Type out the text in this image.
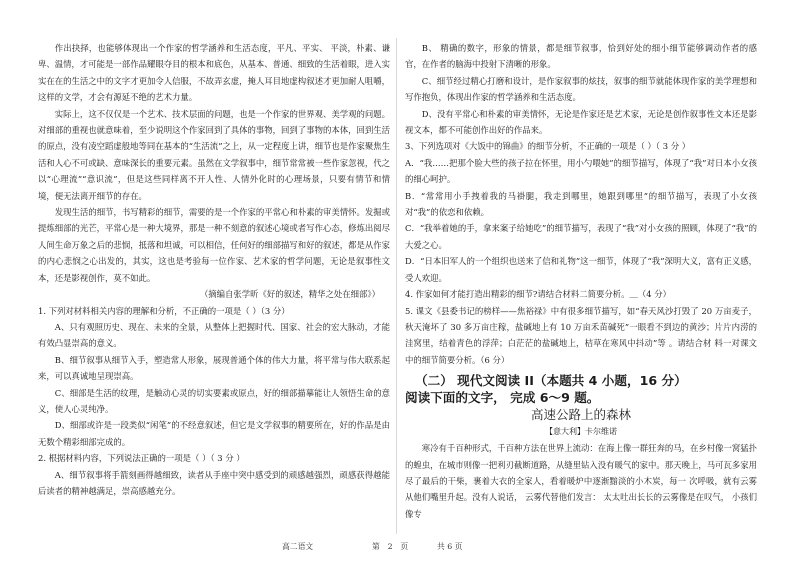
作出抉择，也能够体现出一个作家的哲学涵养和生活态度，平凡、平实、 平淡，朴素、谦卑、温情，才可能是一部作品耀眼夺目的根本和底色，从基本、普通、细致的生活着眼，进入实实在在的生活之中的文字才更加令人信服，不故弄玄虚，掩人耳目地虚构叙述才更加耐人咀嚼，这样的文学，才会有源延不绝的艺术力量。

实际上，这不仅仅是一个艺术、技术层面的问题，也是一个作家的世界观、美学观的问题。对细部的重视也就意味着，至少说明这个作家回到了具体的事物，回到了事物的本体，回到生活的原点，没有凌空蹈虚般地等同在基本的“生活流”之上，从一定程度上讲，细节也是作家聚焦生活和人心不可或缺、意味深长的重要元素。虽然在文学叙事中，细节常常被一些作家忽视，代之以“心理流”“意识流”，但是这些同样离不开人性、人情外化时的心理场景，只要有情节和情境，便无法离开细节的存在。

发现生活的细节，书写精彩的细节，需要的是一个作家的平常心和朴素的审美情怀。发掘或提炼细部的光芒，平常心是一种大境界，那是一种不刻意的叙述心境或者写作心态，修炼出阅尽人间生命万象之后的悲悯，抵落和坦诚，可以相信，任何好的细部描写和好的叙述，都是从作家的内心悲悯之心出发的，其实，这也是考验每一位作家、艺术家的哲学问题，无论是叙事性文本，还是影视创作，莫不如此。

（摘编自张学昕《好的叙述，精华之处在细部》）

1. 下列对材料相关内容的理解和分析，不正确的一项是（ ）（3 分）

A、只有观照历史、现在、未来的全景，从整体上把握时代、国家、社会的宏大脉动，才能有效凸显崇高的意义。

B、细节叙事从细节入手，塑造常人形象，展现普通个体的伟大力量，将平常与伟大联系起来，可以真诚地呈现崇高。

C、细部是生活的纹理，是触动心灵的切实要素或原点，好的细部描摹能让人领悟生命的意义，使人心灵纯净。

D、细部或许是一段类似“闲笔”的不经意叙述，但它是文学叙事的精要所在，好的作品是由无数个精彩细部完成的。

2. 根据材料内容，下列说法正确的一项是（ ）（ 3 分 ）

A、细节叙事将手箭刻画得越细致，读者从手座中突中感受到的顽感越强烈，顽感获得越能后读者的精神越满足，崇高感越充分。

B、 精确的数字，形象的情景，都是细节叙事，恰到好处的细小细节能够调动作者的感官，在作者的脑海中投射下清晰的形象。

C、细节经过精心打磨和设计，是作家叙事的炫技，叙事的细节就能体现作家的美学理想和写作抱负，体现出作家的哲学涵养和生活态度。

D、没有平常心和朴素的审美情怀，无论是作家还是艺术家，无论是创作叙事性文本还是影视文本，都不可能创作出好的作品来。

3、下列选项对《大饭中的锦曲》的细节分析，不正确的一项是（ ）（ 3 分 ）

A．“我……把那个脸大些的孩子拉在怀里，用小勺喂她”的细节描写，体现了“我”对日本小女孩的细心呵护。

B．“常常用小手拽着我的马褂腿，我走到哪里，她跟到哪里”的细节描写，表现了小女孩对“我”的依恋和依赖。

C．“我举着她的手，拿来案子给她吃”的细节描写，表现了“我”对小女孩的照顾，体现了“我”的大爱之心。

D．“日本旧军人的一个组织也送来了信和礼物”这一细节，体现了“我”深明大义，富有正义感，受人欢迎。

4. 作家如何才能打造出精彩的细节?请结合材料二简要分析。＿（4 分）

5. 课文《县委书记的榜样——焦裕禄》中有很多细节描写，如“春天风沙打毁了 20 万亩麦子，秋天淹坏了 30 多万亩庄稼，盐碱地上有 10 万亩禾苗碱死”一眼看不到边的黄沙；片片内涝的洼窝里，结着青色的浮萍；白茫茫的盐碱地上，桔草在寒风中抖动”等 。请结合材 料一对课文中的细节简要分析。（6 分）

（二） 现代文阅读 II（本题共 4 小题，16 分）
阅读下面的文字， 完成 6～9 题。

高速公路上的森林

【意大利】卡尔维诺

寒冷有千百种形式，千百种方法在世界上流动：在海上像一群狂奔的马，在乡村像一窝猛扑的蝗虫，在城市则像一把利刃截断道路，从缝里钻入没有暖气的家中。那天晚上，马可瓦多家用尽了最后的干柴，裹着大衣的全家人，看着暖炉中逐渐黯淡的小木炭，每一 次呼吸，就有云雾从他们嘴里升起。没有人说话， 云雾代替他们发言： 太太吐出长长的云雾像是在叹气， 小孩们像专

高二语文	第　2　页	共 6 页
